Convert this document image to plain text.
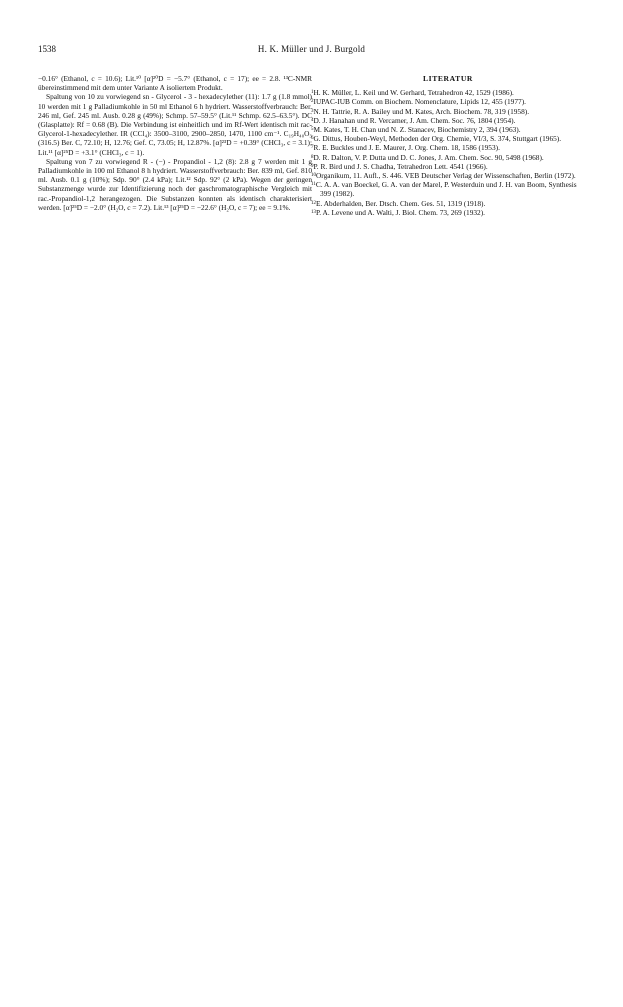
1538	H. K. Müller und J. Burgold

−0.16° (Ethanol, c = 10.6); Lit.¹⁰ [α]²⁰D = −5.7° (Ethanol, c = 17); ee = 2.8. ¹³C-NMR übereinstimmend mit dem unter Variante A isoliertem Produkt.

Spaltung von 10 zu vorwiegend sn - Glycerol - 3 - hexadecylether (11): 1.7 g (1.8 mmol) 10 werden mit 1 g Palladiumkohle in 50 ml Ethanol 6 h hydriert. Wasserstoffverbrauch: Ber. 246 ml, Gef. 245 ml. Ausb. 0.28 g (49%); Schmp. 57–59.5° (Lit.¹¹ Schmp. 62.5–63.5°). DC (Glasplatte): Rf = 0.68 (B). Die Verbindung ist einheitlich und im Rf-Wert identisch mit rac-Glycerol-1-hexadecylether. IR (CCl₄): 3500–3100, 2900–2850, 1470, 1100 cm⁻¹. C₁₉H₄₀O₃ (316.5) Ber. C, 72.10; H, 12.76; Gef. C, 73.05; H, 12.87%. [α]²³D = +0.39° (CHCl₃, c = 3.1); Lit.¹¹ [α]²⁵D = +3.1° (CHCl₃, c = 1).

Spaltung von 7 zu vorwiegend R - (−) - Propandiol - 1,2 (8): 2.8 g 7 werden mit 1 g Palladiumkohle in 100 ml Ethanol 8 h hydriert. Wasserstoffverbrauch: Ber. 839 ml, Gef. 810 ml. Ausb. 0.1 g (10%); Sdp. 90° (2.4 kPa); Lit.¹² Sdp. 92° (2 kPa). Wegen der geringen Substanzmenge wurde zur Identifizierung noch der gaschromatographische Vergleich mit rac.-Propandiol-1,2 herangezogen. Die Substanzen konnten als identisch charakterisiert werden. [α]²⁵D = −2.0° (H₂O, c = 7.2). Lit.¹³ [α]²⁵D = −22.6° (H₂O, c = 7); ee = 9.1%.

LITERATUR
$^1$H. K. Müller, L. Keil und W. Gerhard, Tetrahedron 42, 1529 (1986).
$^2$IUPAC-IUB Comm. on Biochem. Nomenclature, Lipids 12, 455 (1977).
$^3$N. H. Tattrie, R. A. Bailey und M. Kates, Arch. Biochem. 78, 319 (1958).
$^4$D. J. Hanahan und R. Vercamer, J. Am. Chem. Soc. 76, 1804 (1954).
$^5$M. Kates, T. H. Chan und N. Z. Stanacev, Biochemistry 2, 394 (1963).
$^6$G. Dittus, Houben-Weyl, Methoden der Org. Chemie, VI/3, S. 374, Stuttgart (1965).
$^7$R. E. Buckles und J. E. Maurer, J. Org. Chem. 18, 1586 (1953).
$^8$D. R. Dalton, V. P. Dutta und D. C. Jones, J. Am. Chem. Soc. 90, 5498 (1968).
$^9$P. R. Bird und J. S. Chadha, Tetrahedron Lett. 4541 (1966).
$^{10}$Organikum, 11. Aufl., S. 446. VEB Deutscher Verlag der Wissenschaften, Berlin (1972).
$^{11}$C. A. A. van Boeckel, G. A. van der Marel, P. Westerduin und J. H. van Boom, Synthesis 399 (1982).
$^{12}$E. Abderhalden, Ber. Dtsch. Chem. Ges. 51, 1319 (1918).
$^{13}$P. A. Levene und A. Walti, J. Biol. Chem. 73, 269 (1932).
